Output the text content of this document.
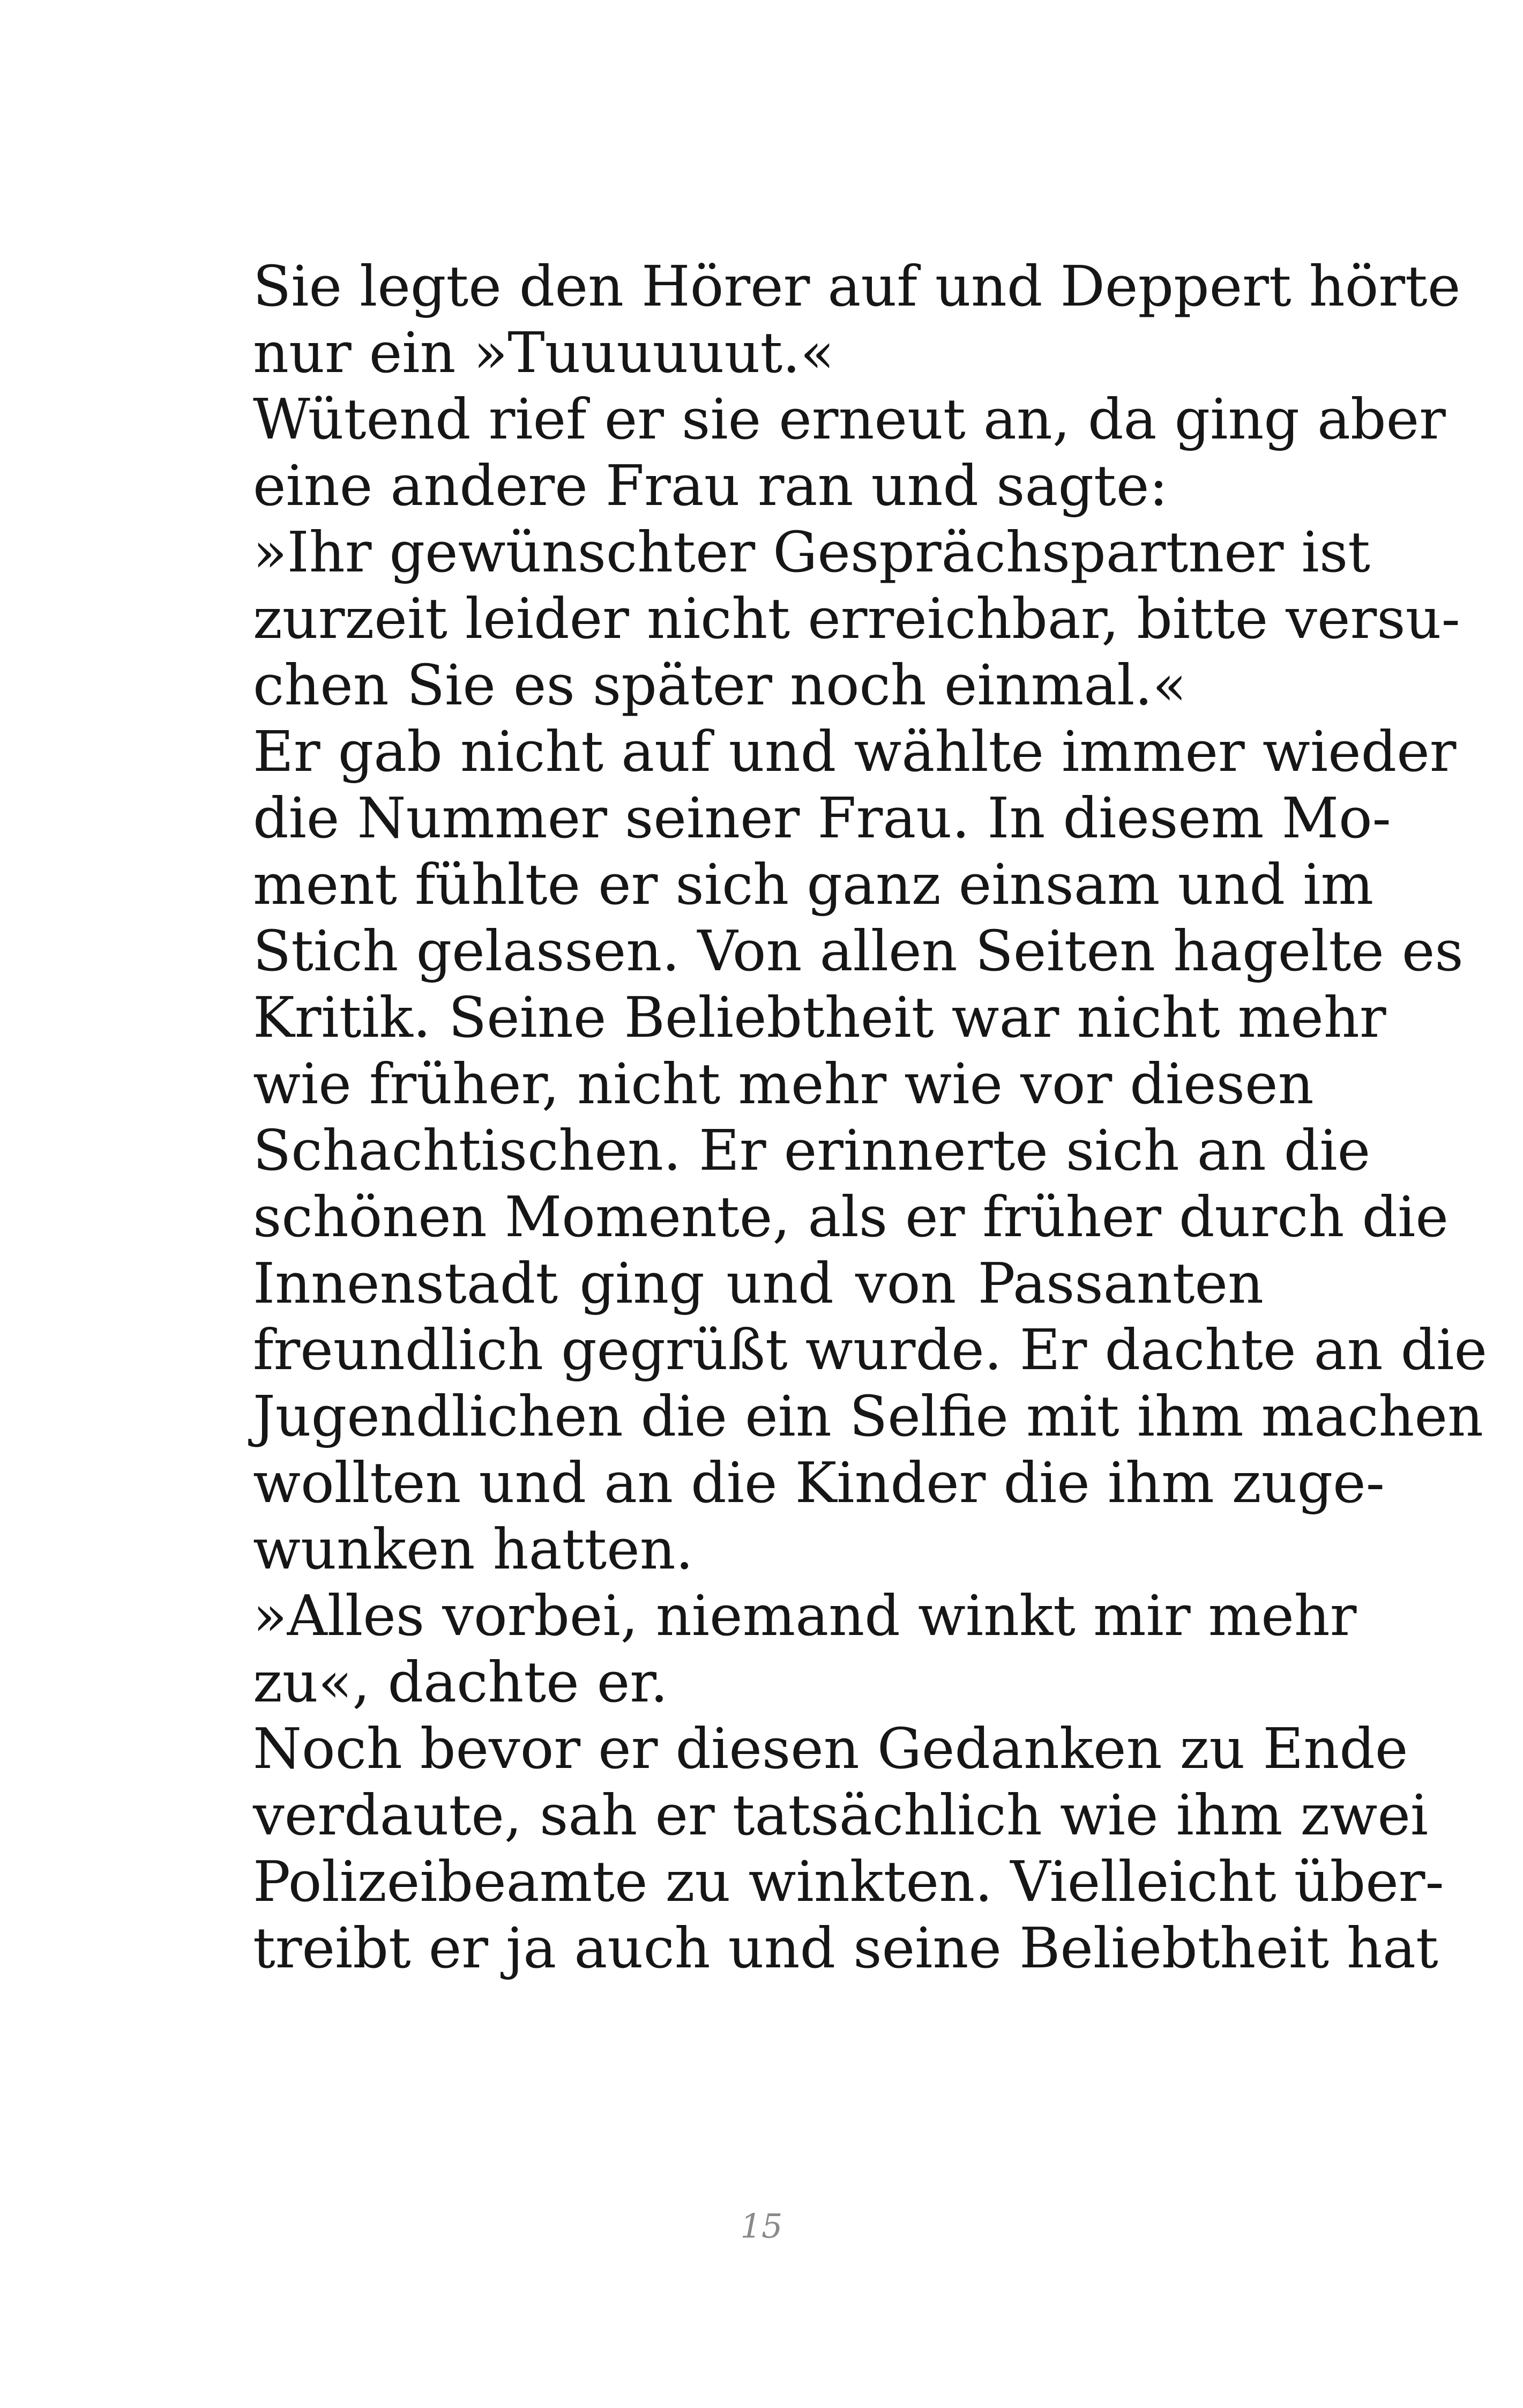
Sie legte den Hörer auf und Deppert hörte
nur ein »Tuuuuuut.«
Wütend rief er sie erneut an, da ging aber
eine andere Frau ran und sagte:
»Ihr gewünschter Gesprächspartner ist
zurzeit leider nicht erreichbar, bitte versu-
chen Sie es später noch einmal.«
Er gab nicht auf und wählte immer wieder
die Nummer seiner Frau. In diesem Mo-
ment fühlte er sich ganz einsam und im
Stich gelassen. Von allen Seiten hagelte es
Kritik. Seine Beliebtheit war nicht mehr
wie früher, nicht mehr wie vor diesen
Schachtischen. Er erinnerte sich an die
schönen Momente, als er früher durch die
Innenstadt ging und von Passanten
freundlich gegrüßt wurde. Er dachte an die
Jugendlichen die ein Selfie mit ihm machen
wollten und an die Kinder die ihm zuge-
wunken hatten.
»Alles vorbei, niemand winkt mir mehr
zu«, dachte er.
Noch bevor er diesen Gedanken zu Ende
verdaute, sah er tatsächlich wie ihm zwei
Polizeibeamte zu winkten. Vielleicht über-
treibt er ja auch und seine Beliebtheit hat
15
